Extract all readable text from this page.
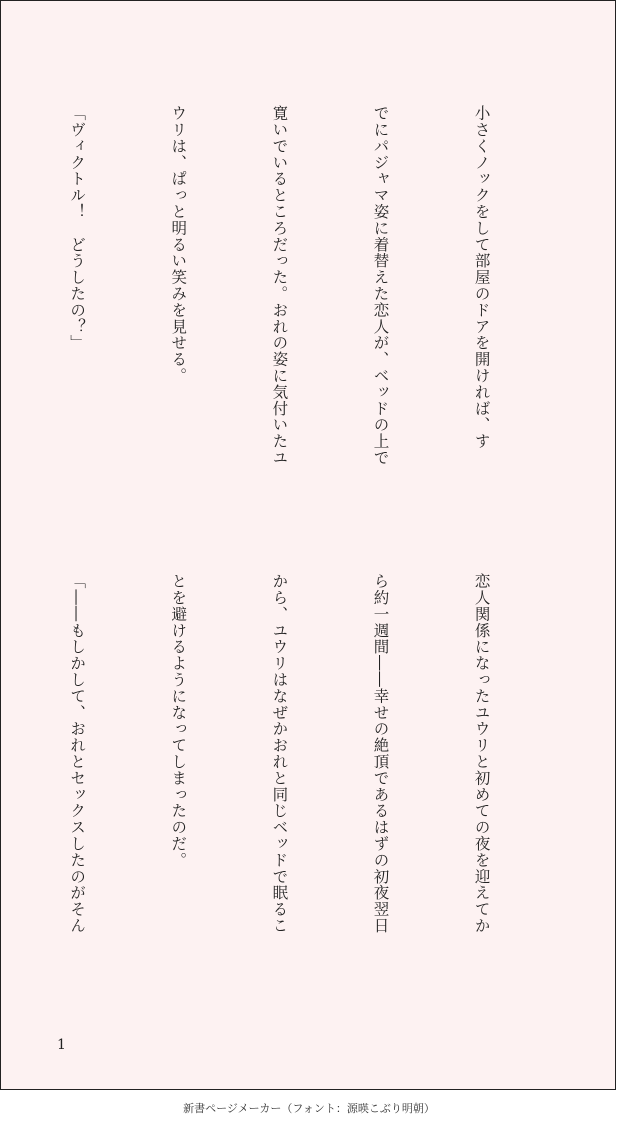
小さくノックをして部屋のドアを開ければ、す

でにパジャマ姿に着替えた恋人が、ベッドの上で

寛いでいるところだった。おれの姿に気付いたユ

ウリは、ぱっと明るい笑みを見せる。

「ヴィクトル！　どうしたの？」

恋人関係になったユウリと初めての夜を迎えてか

ら約一週間――幸せの絶頂であるはずの初夜翌日

から、ユウリはなぜかおれと同じベッドで眠るこ

とを避けるようになってしまったのだ。

「――もしかして、おれとセックスしたのがそん

1
新書ページメーカー（フォント：源暎こぶり明朝）
